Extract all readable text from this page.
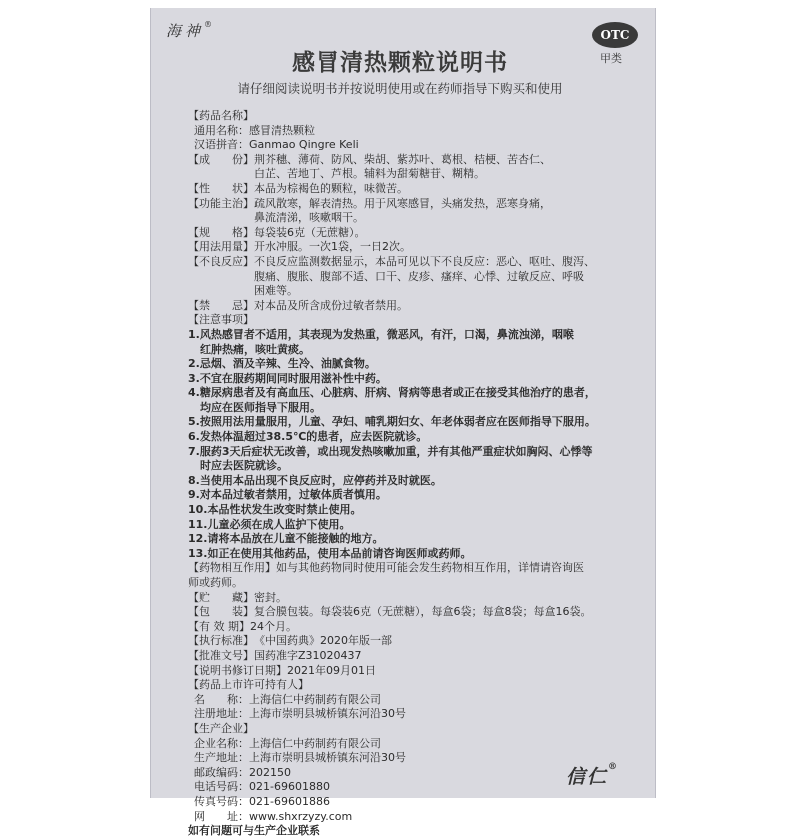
海神®
OTC
甲类
感冒清热颗粒说明书
请仔细阅读说明书并按说明使用或在药师指导下购买和使用
【药品名称】
通用名称：感冒清热颗粒
汉语拼音：Ganmao Qingre Keli
【成　　份】 荆芥穗、薄荷、防风、柴胡、紫苏叶、葛根、桔梗、苦杏仁、
白芷、苦地丁、芦根。辅料为甜菊糖苷、糊精。
【性　　状】 本品为棕褐色的颗粒，味微苦。
【功能主治】 疏风散寒，解表清热。用于风寒感冒，头痛发热，恶寒身痛，
鼻流清涕，咳嗽咽干。
【规　　格】 每袋装6克（无蔗糖）。
【用法用量】 开水冲服。一次1袋，一日2次。
【不良反应】 不良反应监测数据显示，本品可见以下不良反应：恶心、呕吐、腹泻、
腹痛、腹胀、腹部不适、口干、皮疹、瘙痒、心悸、过敏反应、呼吸
困难等。
【禁　　忌】 对本品及所含成份过敏者禁用。
【注意事项】
1.风热感冒者不适用，其表现为发热重，微恶风，有汗，口渴，鼻流浊涕，咽喉
红肿热痛，咳吐黄痰。
2.忌烟、酒及辛辣、生冷、油腻食物。
3.不宜在服药期间同时服用滋补性中药。
4.糖尿病患者及有高血压、心脏病、肝病、肾病等患者或正在接受其他治疗的患者，
均应在医师指导下服用。
5.按照用法用量服用，儿童、孕妇、哺乳期妇女、年老体弱者应在医师指导下服用。
6.发热体温超过38.5℃的患者，应去医院就诊。
7.服药3天后症状无改善，或出现发热咳嗽加重，并有其他严重症状如胸闷、心悸等
时应去医院就诊。
8.当使用本品出现不良反应时，应停药并及时就医。
9.对本品过敏者禁用，过敏体质者慎用。
10.本品性状发生改变时禁止使用。
11.儿童必须在成人监护下使用。
12.请将本品放在儿童不能接触的地方。
13.如正在使用其他药品，使用本品前请咨询医师或药师。
【药物相互作用】 如与其他药物同时使用可能会发生药物相互作用，详情请咨询医
师或药师。
【贮　　藏】 密封。
【包　　装】 复合膜包装。每袋装6克（无蔗糖），每盒6袋；每盒8袋；每盒16袋。
【有 效 期】 24个月。
【执行标准】 《中国药典》2020年版一部
【批准文号】 国药准字Z31020437
【说明书修订日期】 2021年09月01日
【药品上市许可持有人】
名　　称：上海信仁中药制药有限公司
注册地址：上海市崇明县城桥镇东河沿30号
【生产企业】
企业名称：上海信仁中药制药有限公司
生产地址：上海市崇明县城桥镇东河沿30号
邮政编码：202150
电话号码：021-69601880
传真号码：021-69601886
网　　址：www.shxrzyzy.com
如有问题可与生产企业联系
信仁®
